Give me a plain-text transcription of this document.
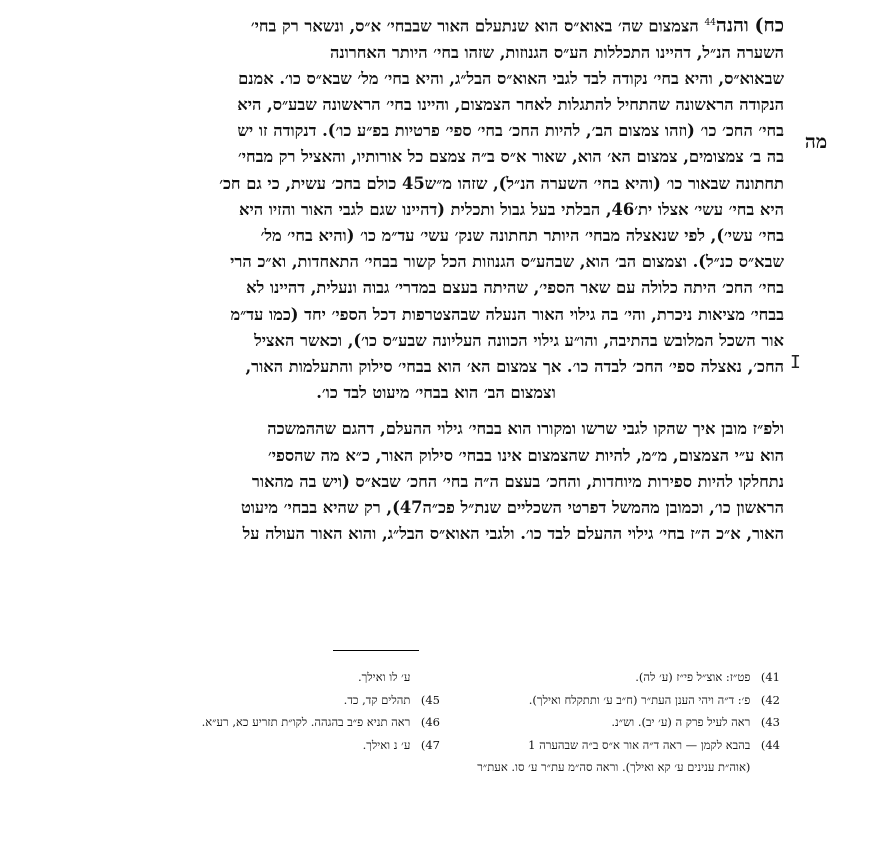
מה
I

כח) והנה$^{44}$ הצמצום שה׳ באוא״ס הוא שנתעלם האור שבבחי׳ א״ס, ונשאר רק בחי׳

השערה הנ״ל, דהיינו התכללות הע״ס הגנוזות, שזהו בחי׳ היותר האחרונה

שבאוא״ס, והיא בחי׳ נקודה לבד לגבי האוא״ס הבל״ג, והיא בחי׳ מל׳ שבא״ס כו׳. אמנם

הנקודה הראשונה שהתחיל להתגלות לאחר הצמצום, והיינו בחי׳ הראשונה שבע״ס, היא

בחי׳ החכ׳ כו׳ (וזהו צמצום הב׳, להיות החכ׳ בחי׳ ספי׳ פרטיות בפ״ע כו׳). דנקודה זו יש

בה ב׳ צמצומים, צמצום הא׳ הוא, שאור א״ס ב״ה צמצם כל אורותיו, והאציל רק מבחי׳

תחתונה שבאור כו׳ (והיא בחי׳ השערה הנ״ל), שזהו מ״ש45 כולם בחכ׳ עשית, כי גם חכ׳

היא בחי׳ עשי׳ אצלו ית׳46, הבלתי בעל גבול ותכלית (דהיינו שגם לגבי האור והזיו היא

בחי׳ עשי׳), לפי שנאצלה מבחי׳ היותר תחתונה שנק׳ עשי׳ עד״מ כו׳ (והיא בחי׳ מל׳

שבא״ס כנ״ל). וצמצום הב׳ הוא, שבהע״ס הגנוזות הכל קשור בבחי׳ התאחדות, וא״כ הרי

בחי׳ החכ׳ היתה כלולה עם שאר הספי׳, שהיתה בעצם במדרי׳ גבוה ונעלית, דהיינו לא

בבחי׳ מציאות ניכרת, והי׳ בה גילוי האור הנעלה שבהצטרפות דכל הספי׳ יחד (כמו עד״מ

אור השכל המלובש בהתיבה, והו״ע גילוי הכוונה העליונה שבע״ס כו׳), וכאשר האציל

החכ׳, נאצלה ספי׳ החכ׳ לבדה כו׳. אך צמצום הא׳ הוא בבחי׳ סילוק והתעלמות האור,

וצמצום הב׳ הוא בבחי׳ מיעוט לבד כו׳.

ולפ״ז מובן איך שהקו לגבי שרשו ומקורו הוא בבחי׳ גילוי ההעלם, דהגם שההמשכה

הוא ע״י הצמצום, מ״מ, להיות שהצמצום אינו בבחי׳ סילוק האור, כ״א מה שהספי׳

נתחלקו להיות ספירות מיוחדות, והחכ׳ בעצם ה״ה בחי׳ החכ׳ שבא״ס (ויש בה מהאור

הראשון כו׳, וכמובן מהמשל דפרטי השכליים שנת״ל פכ״ה47), רק שהיא בבחי׳ מיעוט

האור, א״כ ה״ז בחי׳ גילוי ההעלם לבד כו׳. ולגבי האוא״ס הבל״ג, והוא האור העולה על

41) פט״ז: אוצ״ל פי״ז (ע׳ לה).
42) פ׳: ד״ה ויהי הענן העת״ר (ח״ב ע׳ ותתקלח ואילך).
43) ראה לעיל פרק ה (ע׳ יב). וש״נ.
44) בהבא לקמן — ראה ד״ה אור א״ס ב״ה שבהערה 1
(אוה״ת ענינים ע׳ קא ואילך). וראה סה״מ עת״ר ע׳ סו. אעת״ר
ע׳ לו ואילך.
45) תהלים קד, כד.
46) ראה תניא פ״ב בהגהה. לקו״ת תזריע כא, רע״א.
47) ע׳ נ ואילך.
